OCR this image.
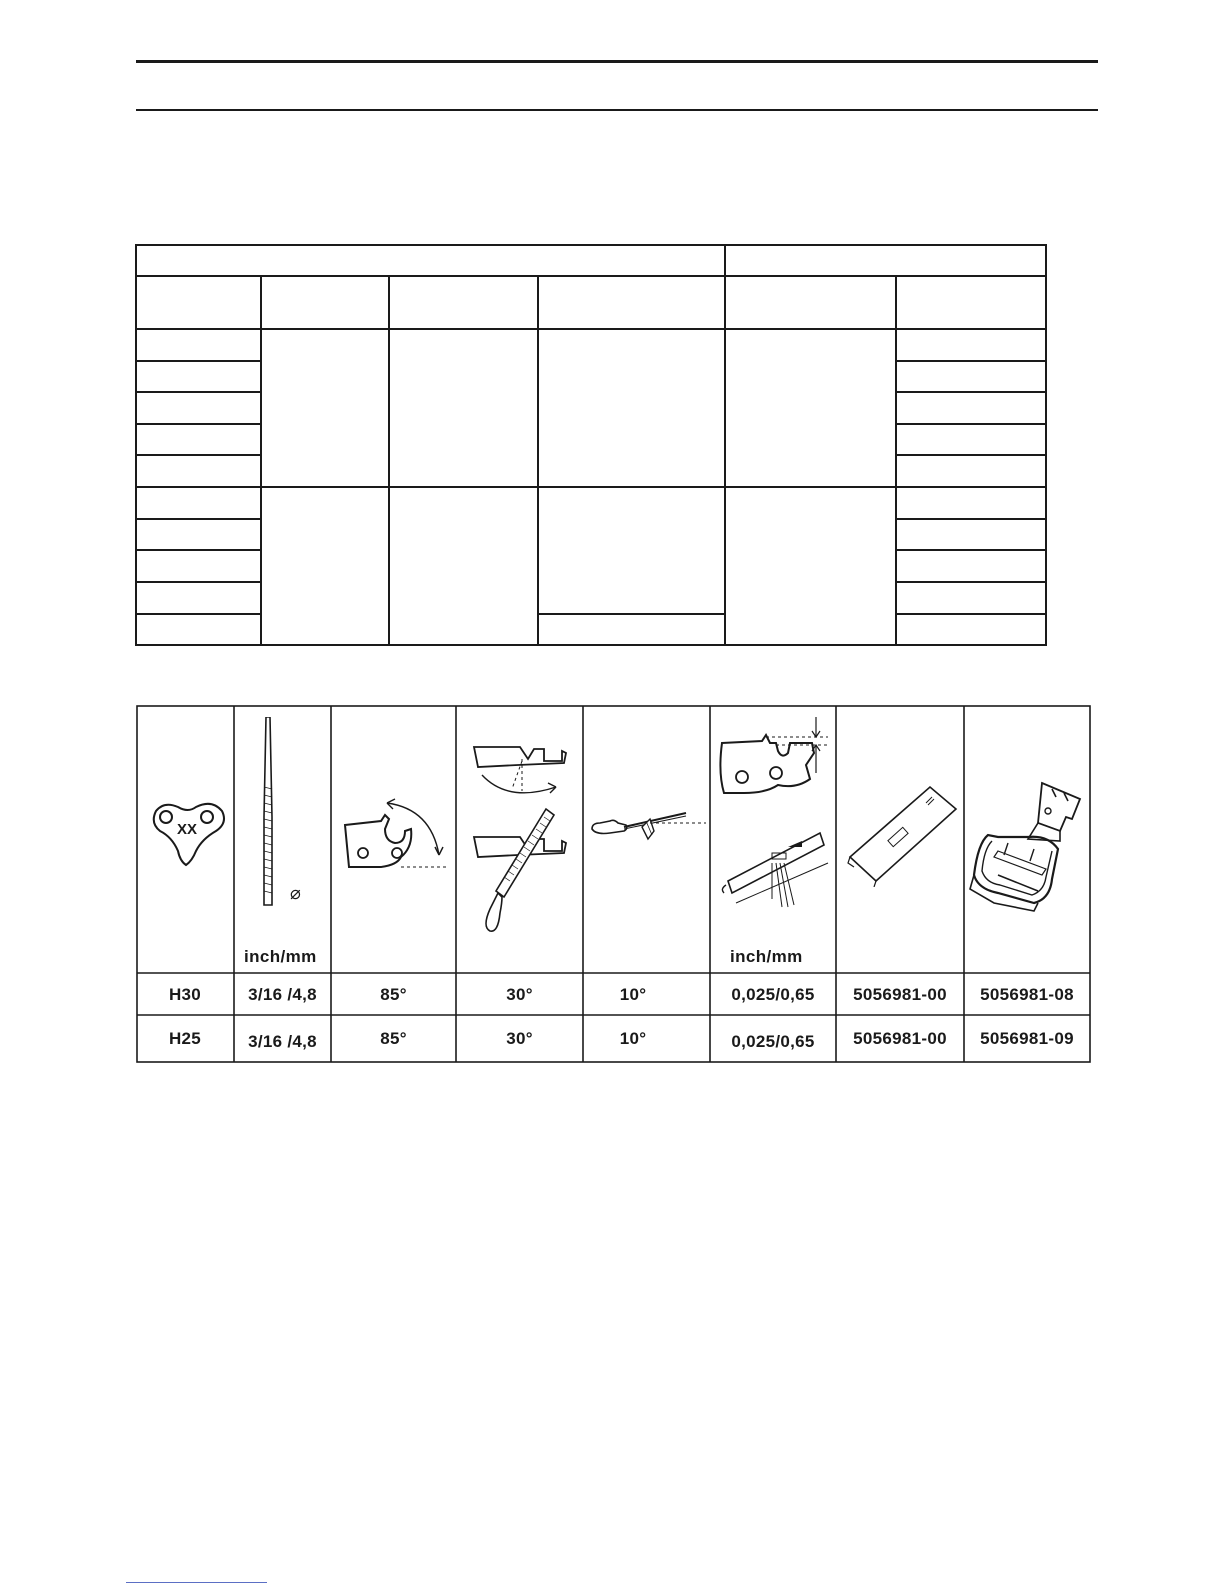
XX
⌀
inch/mm	inch/mm
H30	3/16 /4,8	85°	30°	10°	0,025/0,65	5056981-00	5056981-08
H25	3/16 /4,8	85°	30°	10°	0,025/0,65	5056981-00	5056981-09
